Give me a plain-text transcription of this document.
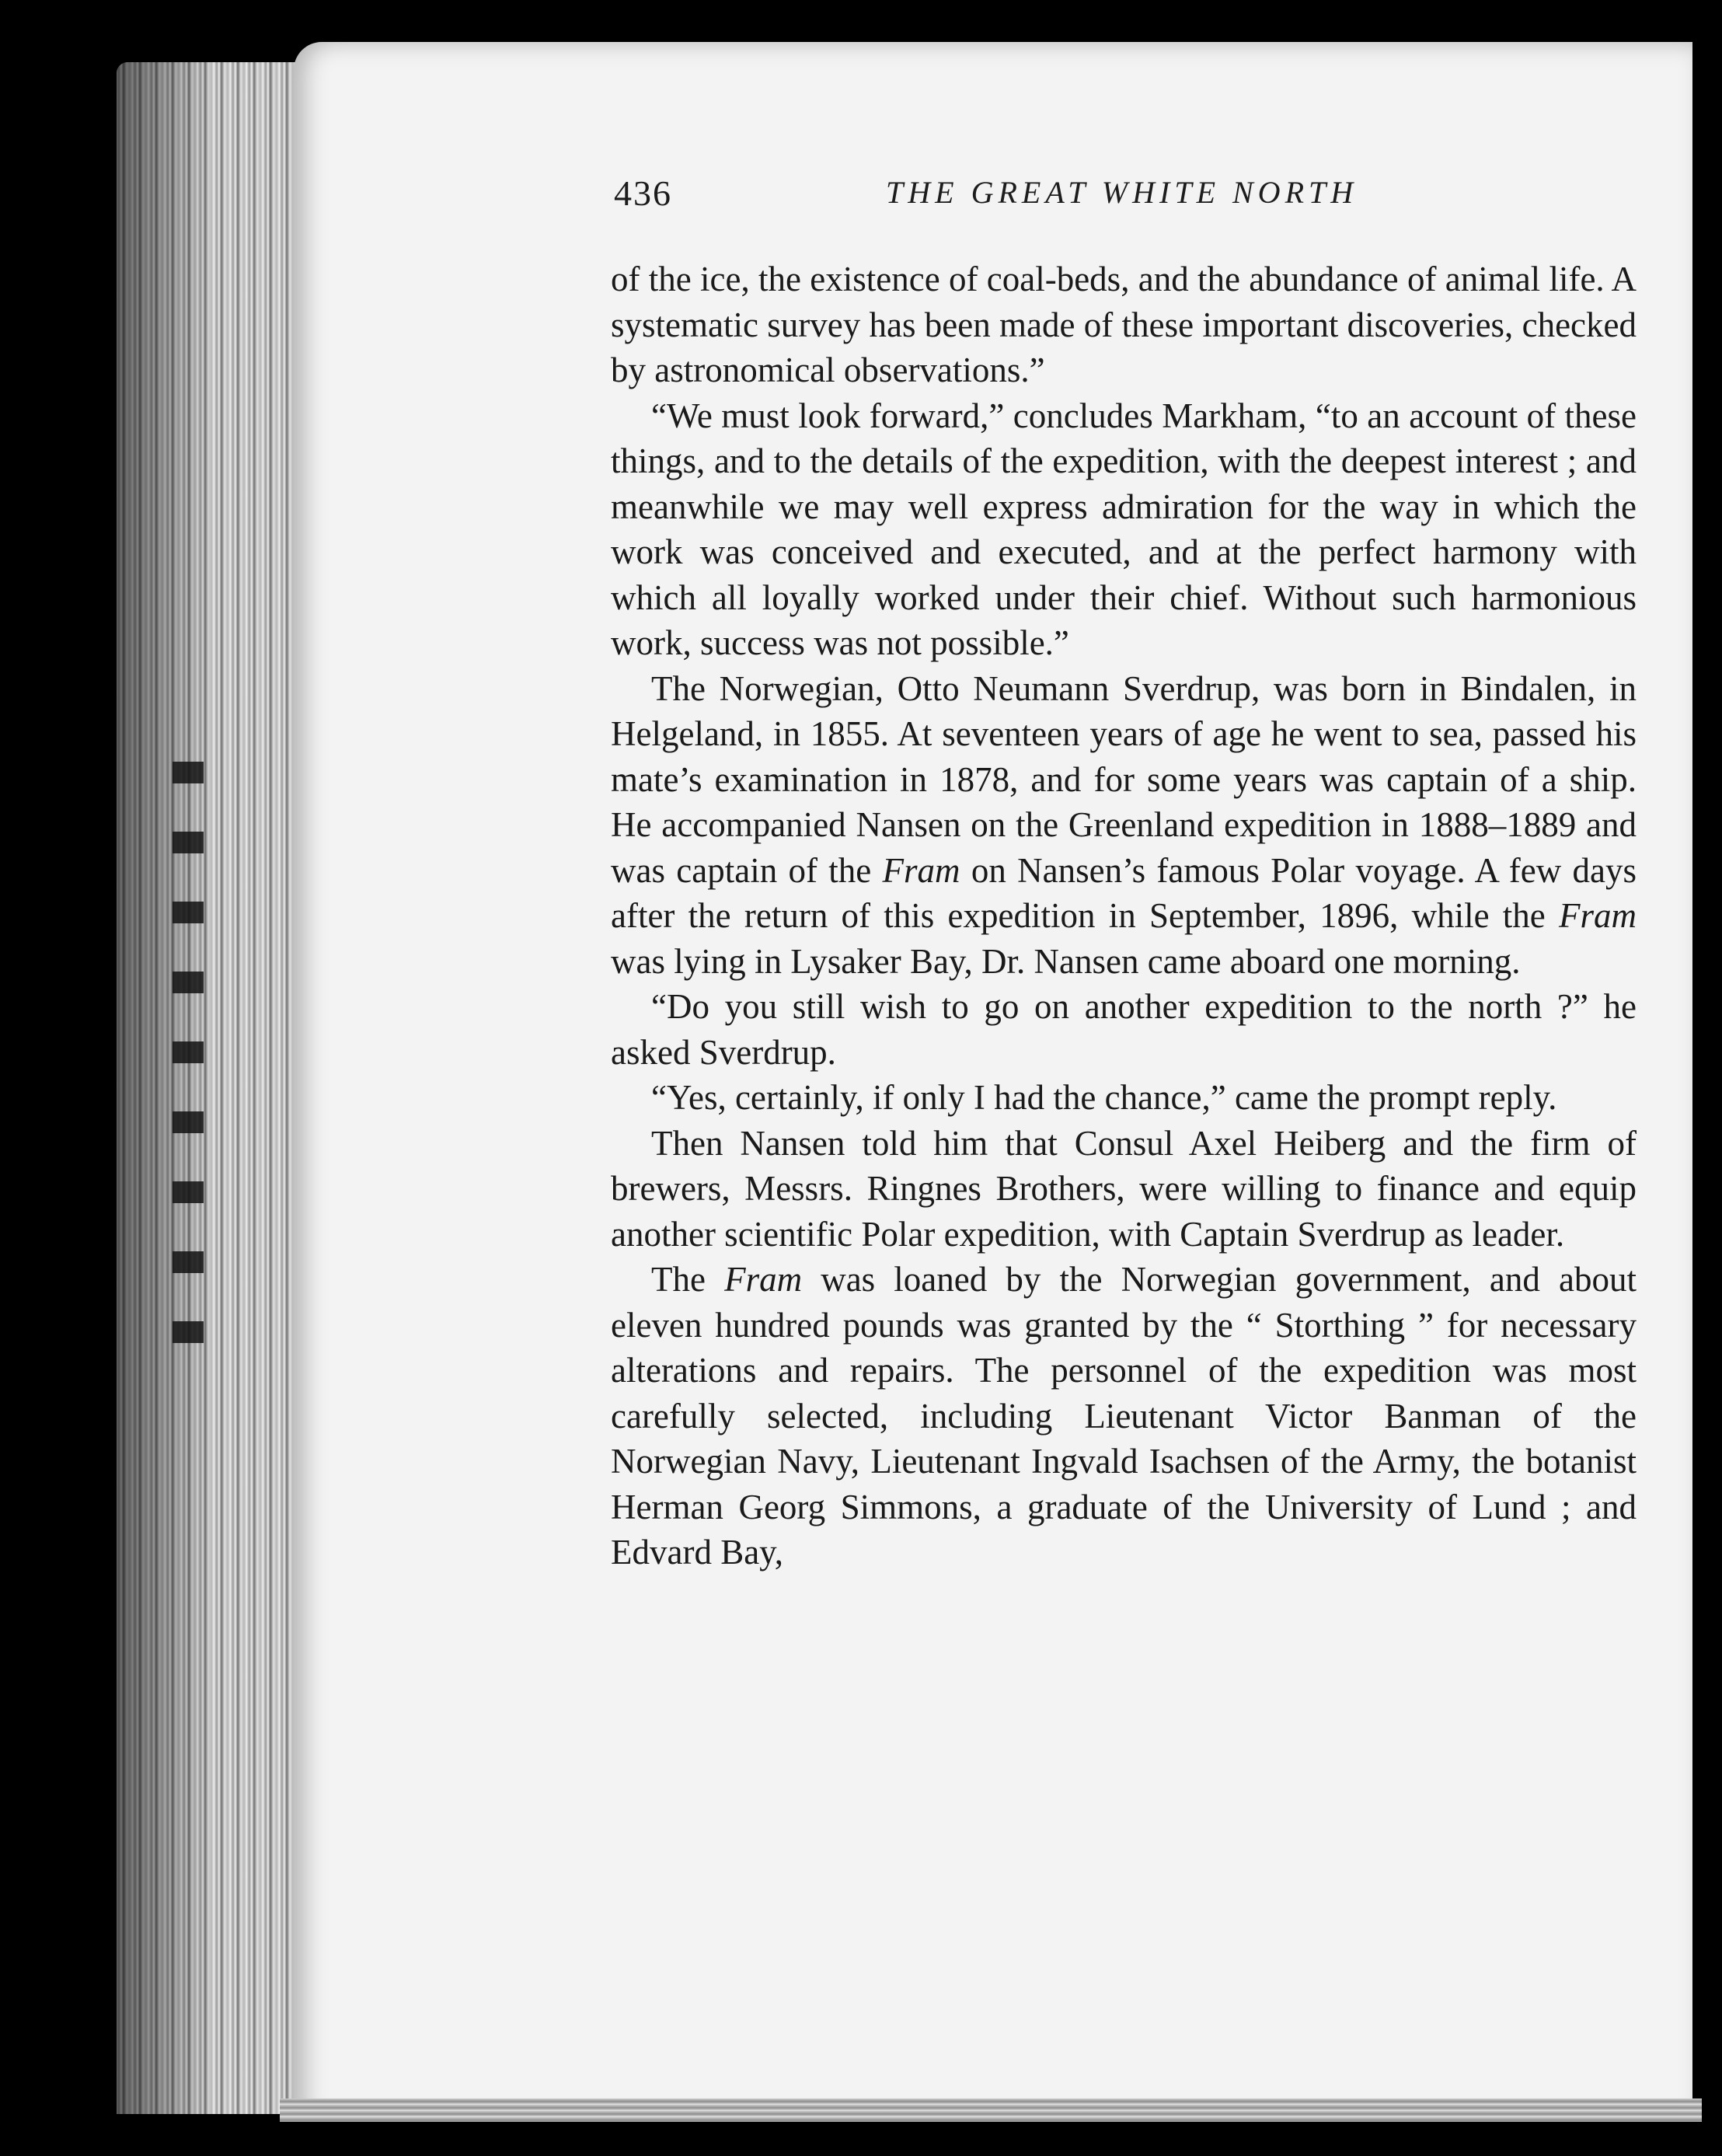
436	THE GREAT WHITE NORTH

of the ice, the existence of coal-beds, and the abundance of animal life. A systematic survey has been made of these important discoveries, checked by astronomical observations.”

“We must look forward,” concludes Markham, “to an account of these things, and to the details of the expedition, with the deepest interest ; and meanwhile we may well express admiration for the way in which the work was conceived and executed, and at the perfect harmony with which all loyally worked under their chief. Without such harmonious work, success was not possible.”

The Norwegian, Otto Neumann Sverdrup, was born in Bindalen, in Helgeland, in 1855. At seventeen years of age he went to sea, passed his mate’s examination in 1878, and for some years was captain of a ship. He accompanied Nansen on the Greenland expedition in 1888–1889 and was captain of the Fram on Nansen’s famous Polar voyage. A few days after the return of this expedition in September, 1896, while the Fram was lying in Lysaker Bay, Dr. Nansen came aboard one morning.

“Do you still wish to go on another expedition to the north ?” he asked Sverdrup.

“Yes, certainly, if only I had the chance,” came the prompt reply.

Then Nansen told him that Consul Axel Heiberg and the firm of brewers, Messrs. Ringnes Brothers, were willing to finance and equip another scientific Polar expedition, with Captain Sverdrup as leader.

The Fram was loaned by the Norwegian government, and about eleven hundred pounds was granted by the “ Storthing ” for necessary alterations and repairs. The personnel of the expedition was most carefully selected, including Lieutenant Victor Banman of the Norwegian Navy, Lieutenant Ingvald Isachsen of the Army, the botanist Herman Georg Simmons, a graduate of the University of Lund ; and Edvard Bay,
